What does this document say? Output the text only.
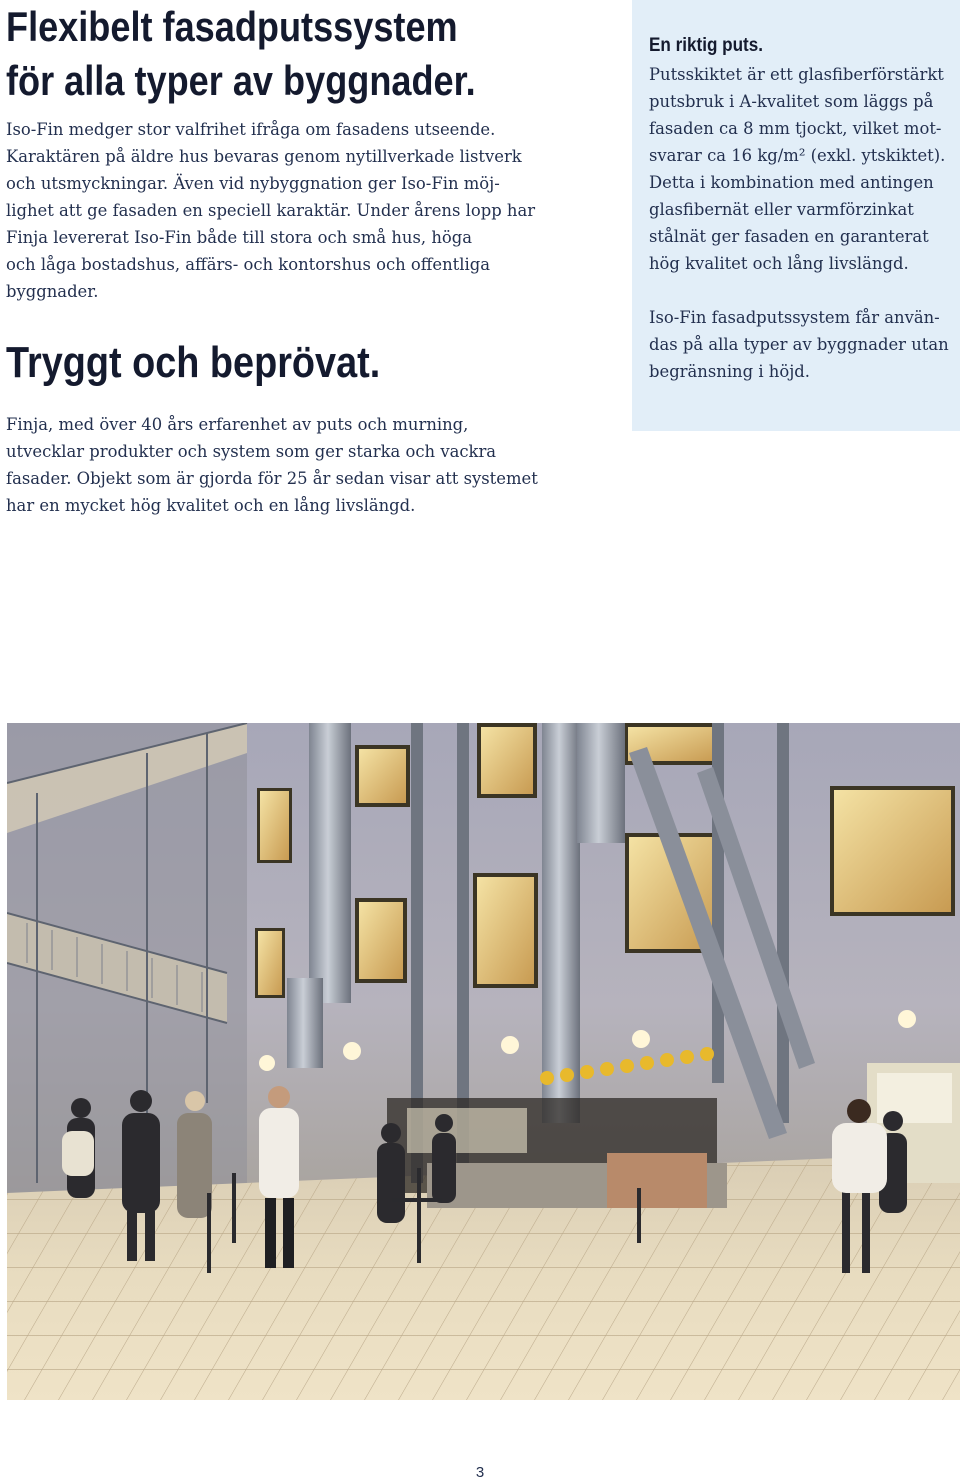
Flexibelt fasadputssystem
för alla typer av byggnader.

Iso-Fin medger stor valfrihet ifråga om fasadens utseende.
Karaktären på äldre hus bevaras genom nytillverkade listverk
och utsmyckningar. Även vid nybyggnation ger Iso-Fin möj-
lighet att ge fasaden en speciell karaktär. Under årens lopp har
Finja levererat Iso-Fin både till stora och små hus, höga
och låga bostadshus, affärs- och kontorshus och offentliga
byggnader.

Tryggt och beprövat.

Finja, med över 40 års erfarenhet av puts och murning,
utvecklar produkter och system som ger starka och vackra
fasader. Objekt som är gjorda för 25 år sedan visar att systemet
har en mycket hög kvalitet och en lång livslängd.

En riktig puts.

Putsskiktet är ett glasfiberförstärkt
putsbruk i A-kvalitet som läggs på
fasaden ca 8 mm tjockt, vilket mot-
svarar ca 16 kg/m² (exkl. ytskiktet).
Detta i kombination med antingen
glasfibernät eller varmförzinkat
stålnät ger fasaden en garanterat
hög kvalitet och lång livslängd.

Iso-Fin fasadputssystem får använ-
das på alla typer av byggnader utan
begränsning i höjd.

3
